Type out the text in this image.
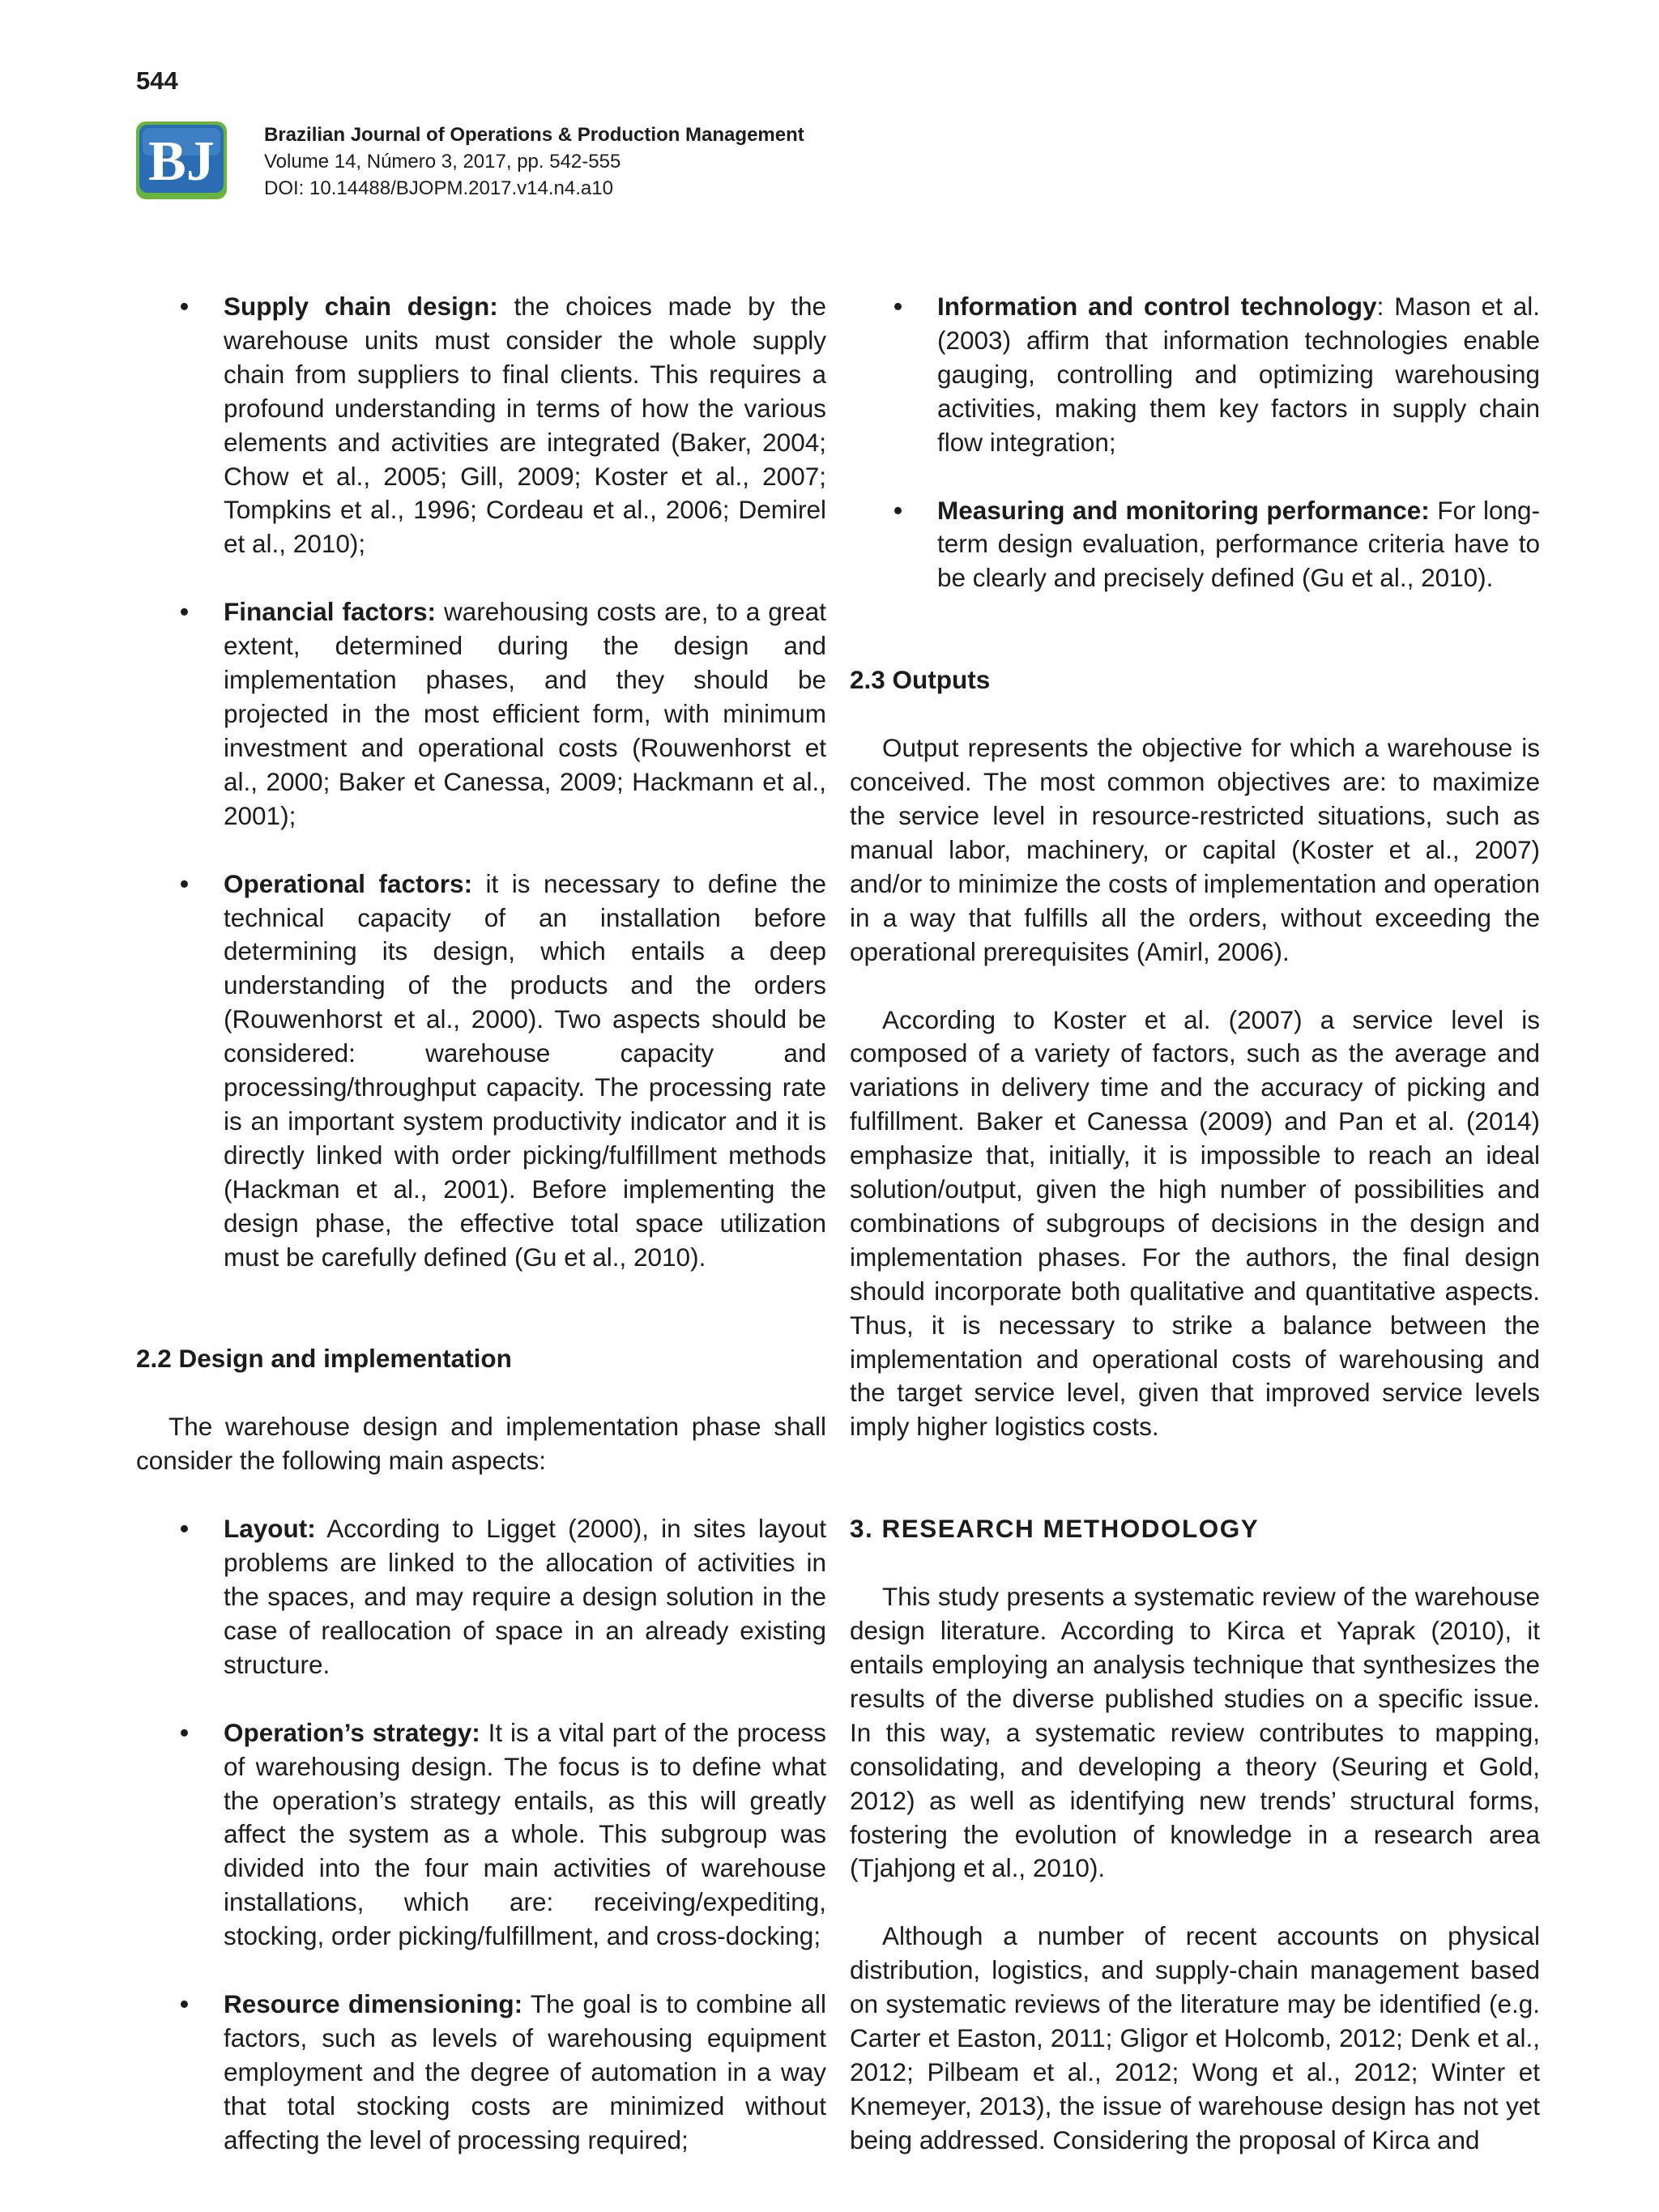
544
BJ	Brazilian Journal of Operations & Production Management
Volume 14, Número 3, 2017, pp. 542-555
DOI: 10.14488/BJOPM.2017.v14.n4.a10

• Supply chain design: the choices made by the warehouse units must consider the whole supply chain from suppliers to final clients. This requires a profound understanding in terms of how the various elements and activities are integrated (Baker, 2004; Chow et al., 2005; Gill, 2009; Koster et al., 2007; Tompkins et al., 1996; Cordeau et al., 2006; Demirel et al., 2010);

• Financial factors: warehousing costs are, to a great extent, determined during the design and implementation phases, and they should be projected in the most efficient form, with minimum investment and operational costs (Rouwenhorst et al., 2000; Baker et Canessa, 2009; Hackmann et al., 2001);

• Operational factors: it is necessary to define the technical capacity of an installation before determining its design, which entails a deep understanding of the products and the orders (Rouwenhorst et al., 2000). Two aspects should be considered: warehouse capacity and processing/throughput capacity. The processing rate is an important system productivity indicator and it is directly linked with order picking/fulfillment methods (Hackman et al., 2001). Before implementing the design phase, the effective total space utilization must be carefully defined (Gu et al., 2010).

2.2 Design and implementation

The warehouse design and implementation phase shall consider the following main aspects:

• Layout: According to Ligget (2000), in sites layout problems are linked to the allocation of activities in the spaces, and may require a design solution in the case of reallocation of space in an already existing structure.

• Operation’s strategy: It is a vital part of the process of warehousing design. The focus is to define what the operation’s strategy entails, as this will greatly affect the system as a whole. This subgroup was divided into the four main activities of warehouse installations, which are: receiving/expediting, stocking, order picking/fulfillment, and cross-docking;

• Resource dimensioning: The goal is to combine all factors, such as levels of warehousing equipment employment and the degree of automation in a way that total stocking costs are minimized without affecting the level of processing required;

• Information and control technology: Mason et al. (2003) affirm that information technologies enable gauging, controlling and optimizing warehousing activities, making them key factors in supply chain flow integration;

• Measuring and monitoring performance: For long-term design evaluation, performance criteria have to be clearly and precisely defined (Gu et al., 2010).

2.3 Outputs

Output represents the objective for which a warehouse is conceived. The most common objectives are: to maximize the service level in resource-restricted situations, such as manual labor, machinery, or capital (Koster et al., 2007) and/or to minimize the costs of implementation and operation in a way that fulfills all the orders, without exceeding the operational prerequisites (Amirl, 2006).

According to Koster et al. (2007) a service level is composed of a variety of factors, such as the average and variations in delivery time and the accuracy of picking and fulfillment. Baker et Canessa (2009) and Pan et al. (2014) emphasize that, initially, it is impossible to reach an ideal solution/output, given the high number of possibilities and combinations of subgroups of decisions in the design and implementation phases. For the authors, the final design should incorporate both qualitative and quantitative aspects. Thus, it is necessary to strike a balance between the implementation and operational costs of warehousing and the target service level, given that improved service levels imply higher logistics costs.

3. RESEARCH METHODOLOGY

This study presents a systematic review of the warehouse design literature. According to Kirca et Yaprak (2010), it entails employing an analysis technique that synthesizes the results of the diverse published studies on a specific issue. In this way, a systematic review contributes to mapping, consolidating, and developing a theory (Seuring et Gold, 2012) as well as identifying new trends’ structural forms, fostering the evolution of knowledge in a research area (Tjahjong et al., 2010).

Although a number of recent accounts on physical distribution, logistics, and supply-chain management based on systematic reviews of the literature may be identified (e.g. Carter et Easton, 2011; Gligor et Holcomb, 2012; Denk et al., 2012; Pilbeam et al., 2012; Wong et al., 2012; Winter et Knemeyer, 2013), the issue of warehouse design has not yet being addressed. Considering the proposal of Kirca and
